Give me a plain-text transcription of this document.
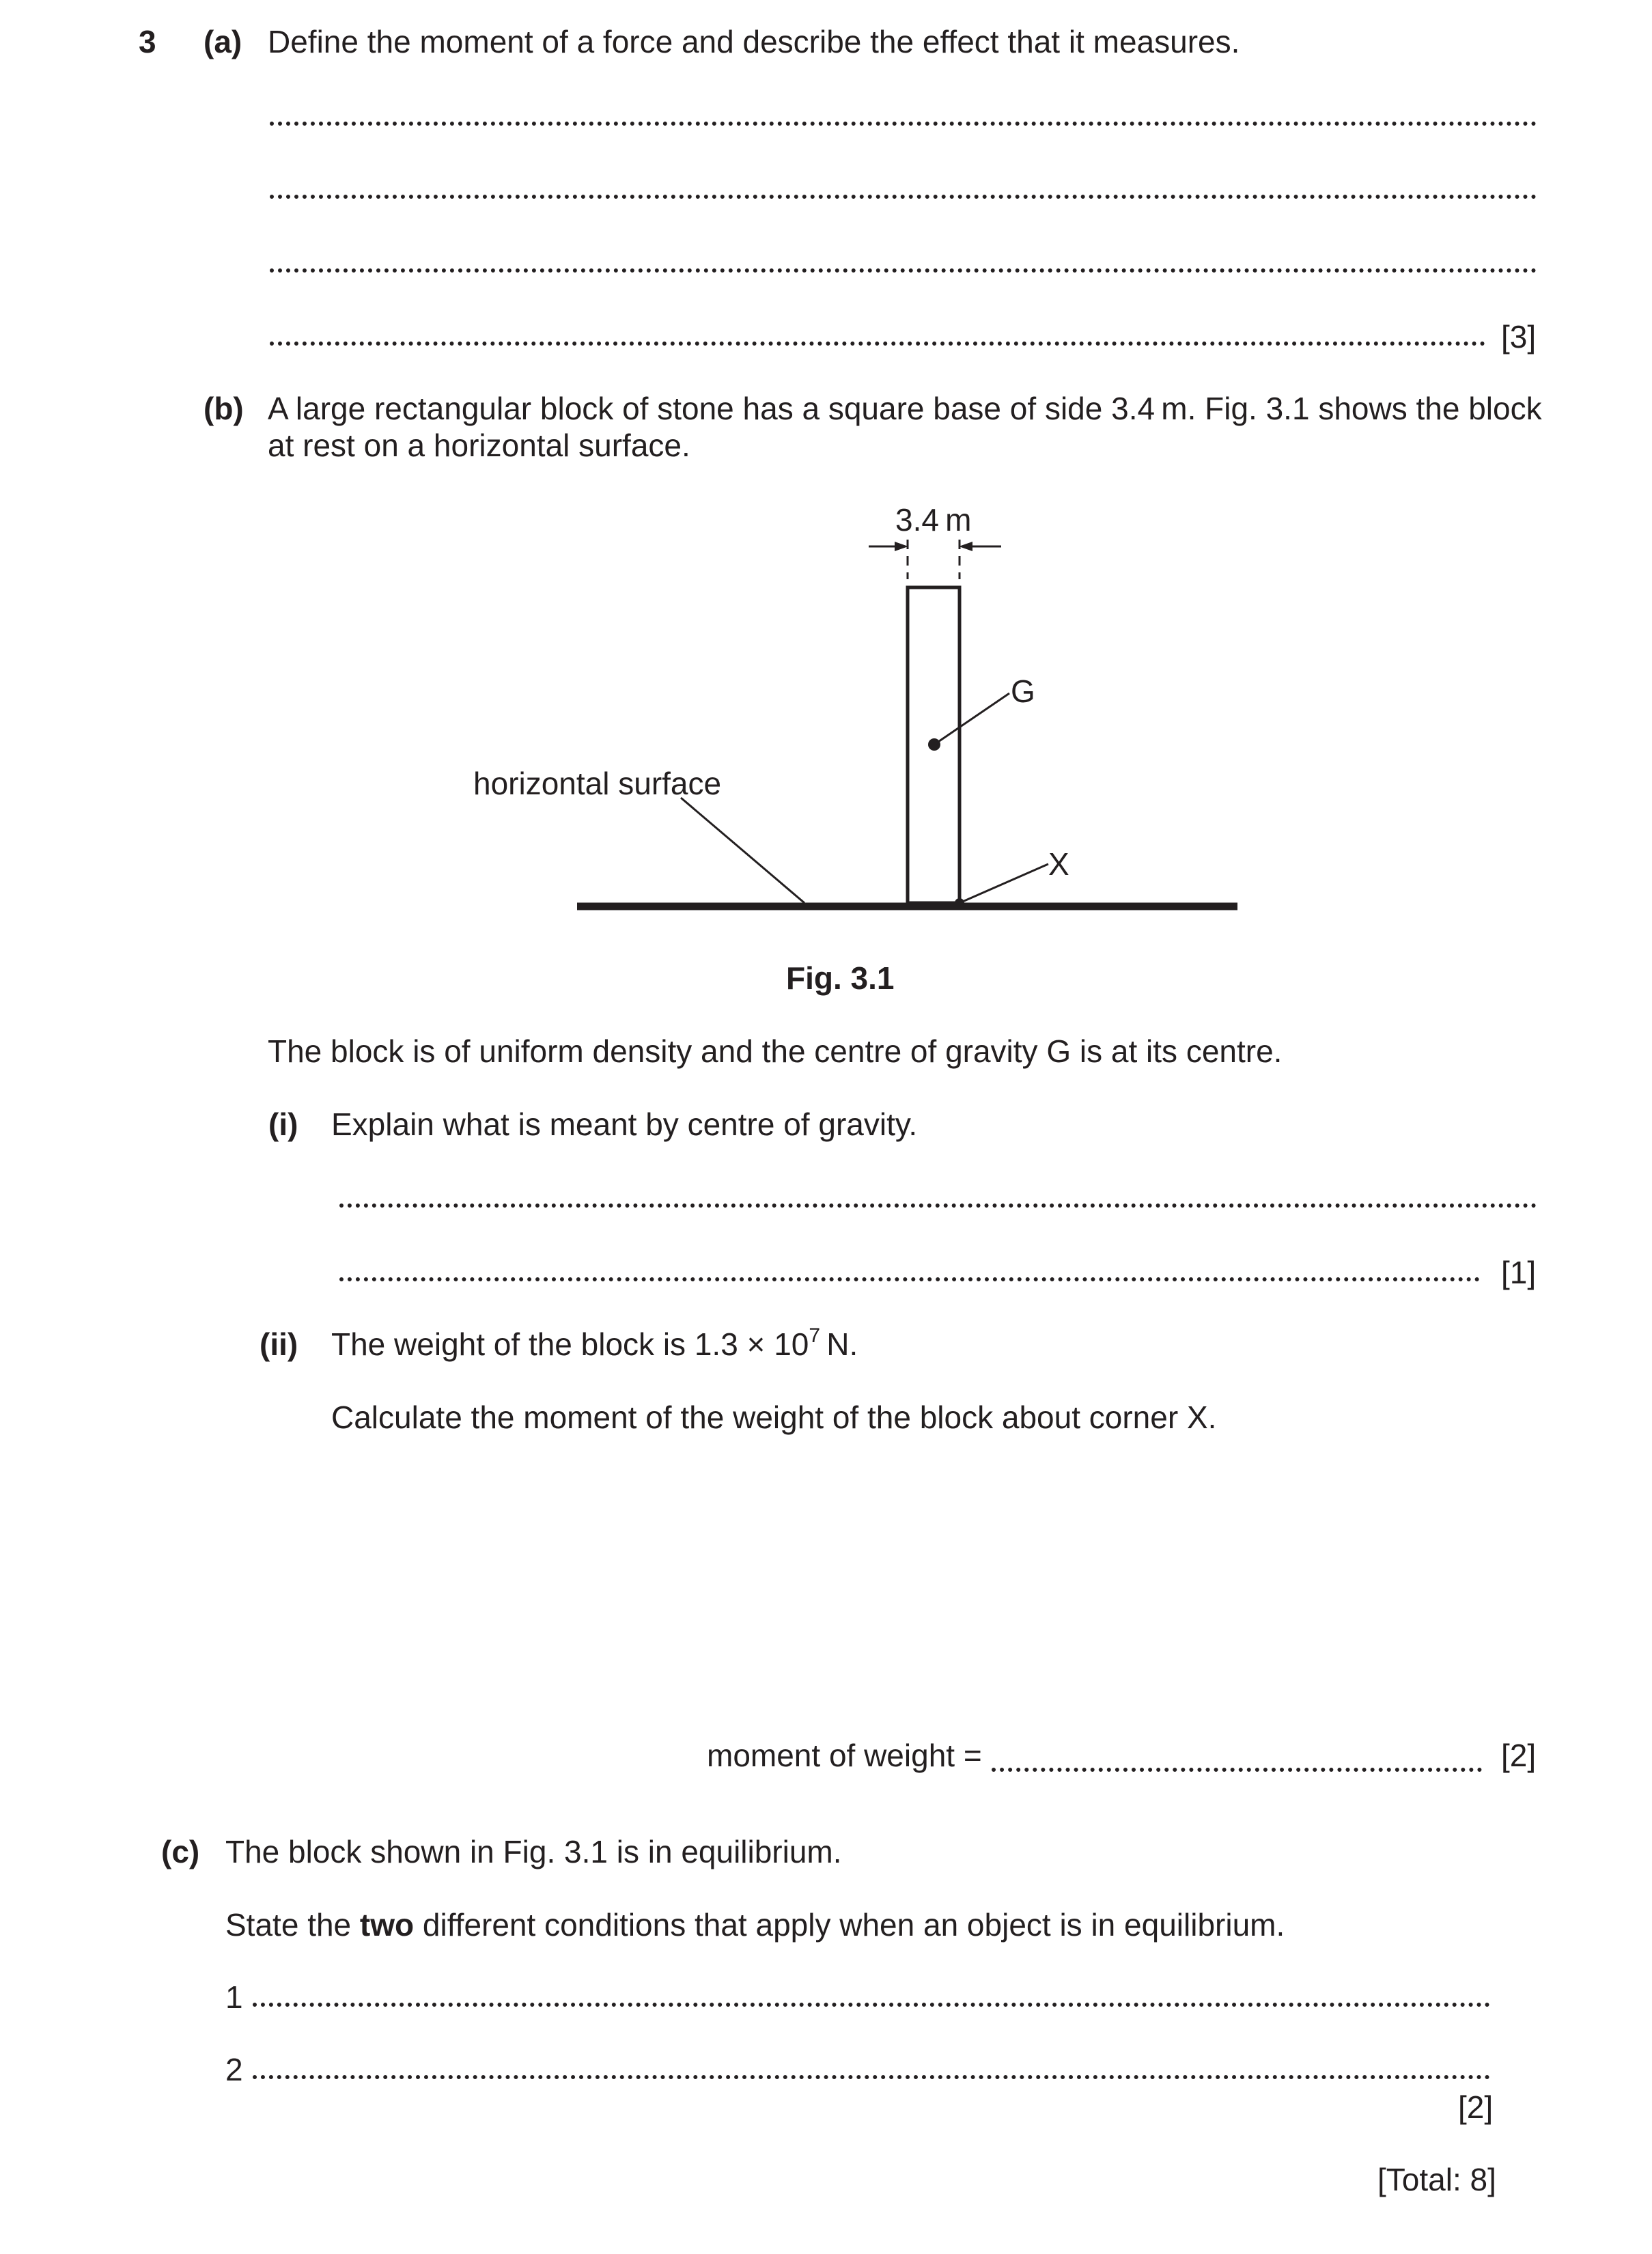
3 (a) Define the moment of a force and describe the effect that it measures.
[3]
(b) A large rectangular block of stone has a square base of side 3.4 m. Fig. 3.1 shows the block
at rest on a horizontal surface.
3.4 m
G
horizontal surface
X
Fig. 3.1
The block is of uniform density and the centre of gravity G is at its centre.
(i) Explain what is meant by centre of gravity.
[1]
(ii) The weight of the block is $1.3 \times 10^7$ N.
Calculate the moment of the weight of the block about corner X.
moment of weight =	[2]
(c) The block shown in Fig. 3.1 is in equilibrium.
State the two different conditions that apply when an object is in equilibrium.
1
2
[2]
[Total: 8]
